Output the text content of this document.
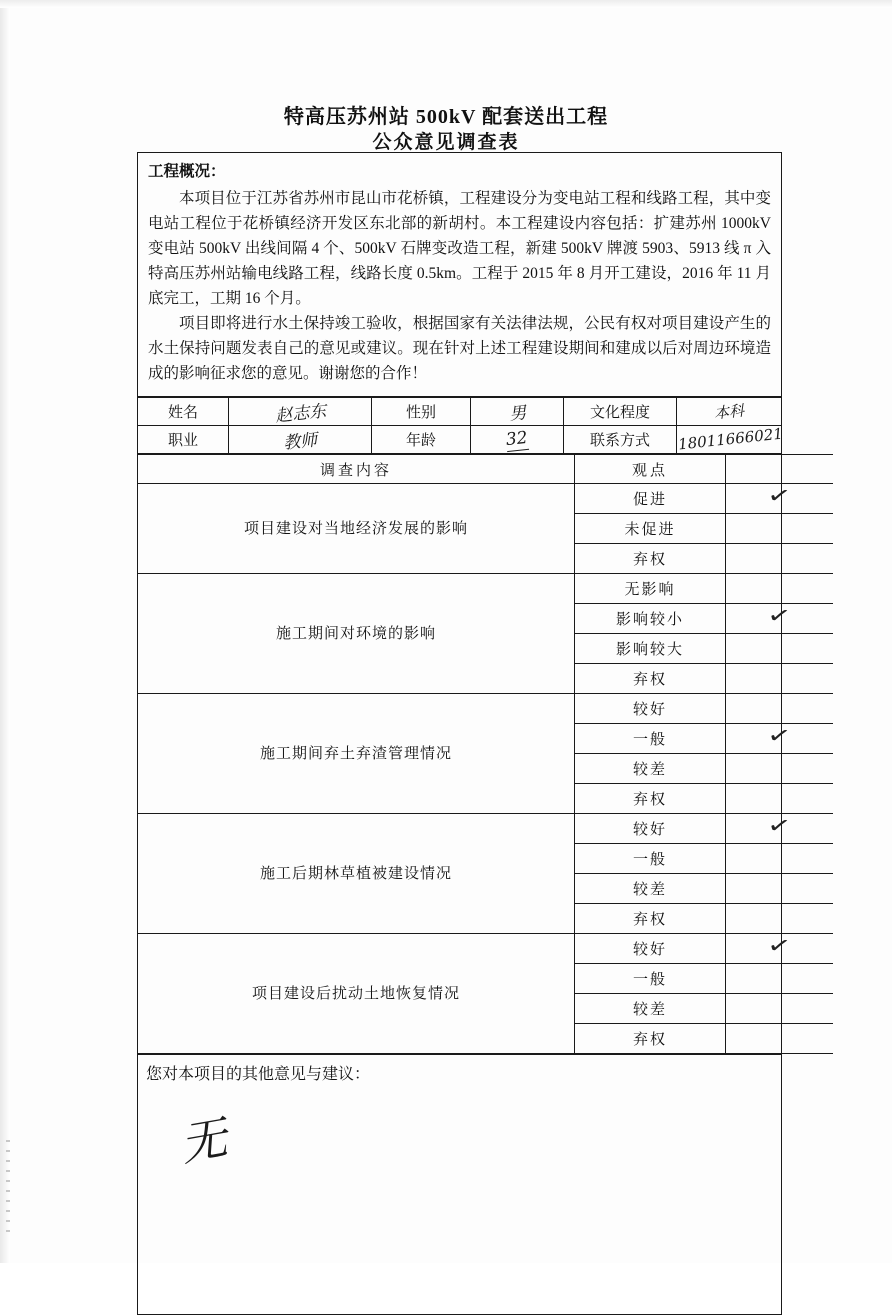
特高压苏州站 500kV 配套送出工程
公众意见调查表

工程概况：

本项目位于江苏省苏州市昆山市花桥镇，工程建设分为变电站工程和线路工程，其中变电站工程位于花桥镇经济开发区东北部的新胡村。本工程建设内容包括：扩建苏州 1000kV 变电站 500kV 出线间隔 4 个、500kV 石牌变改造工程，新建 500kV 牌渡 5903、5913 线 π 入特高压苏州站输电线路工程，线路长度 0.5km。工程于 2015 年 8 月开工建设，2016 年 11 月底完工，工期 16 个月。

项目即将进行水土保持竣工验收，根据国家有关法律法规，公民有权对项目建设产生的水土保持问题发表自己的意见或建议。现在针对上述工程建设期间和建成以后对周边环境造成的影响征求您的意见。谢谢您的合作！

姓名	赵志东	性别	男	文化程度	本科
职业	教师	年龄	32	联系方式	18011666021
调查内容	观点	
项目建设对当地经济发展的影响	促进	✓
	未促进	
	弃权	
施工期间对环境的影响	无影响	
	影响较小	✓
	影响较大	
	弃权	
施工期间弃土弃渣管理情况	较好	
	一般	✓
	较差	
	弃权	
施工后期林草植被建设情况	较好	✓
	一般	
	较差	
	弃权	
项目建设后扰动土地恢复情况	较好	✓
	一般	
	较差	
	弃权	
您对本项目的其他意见与建议：
无
